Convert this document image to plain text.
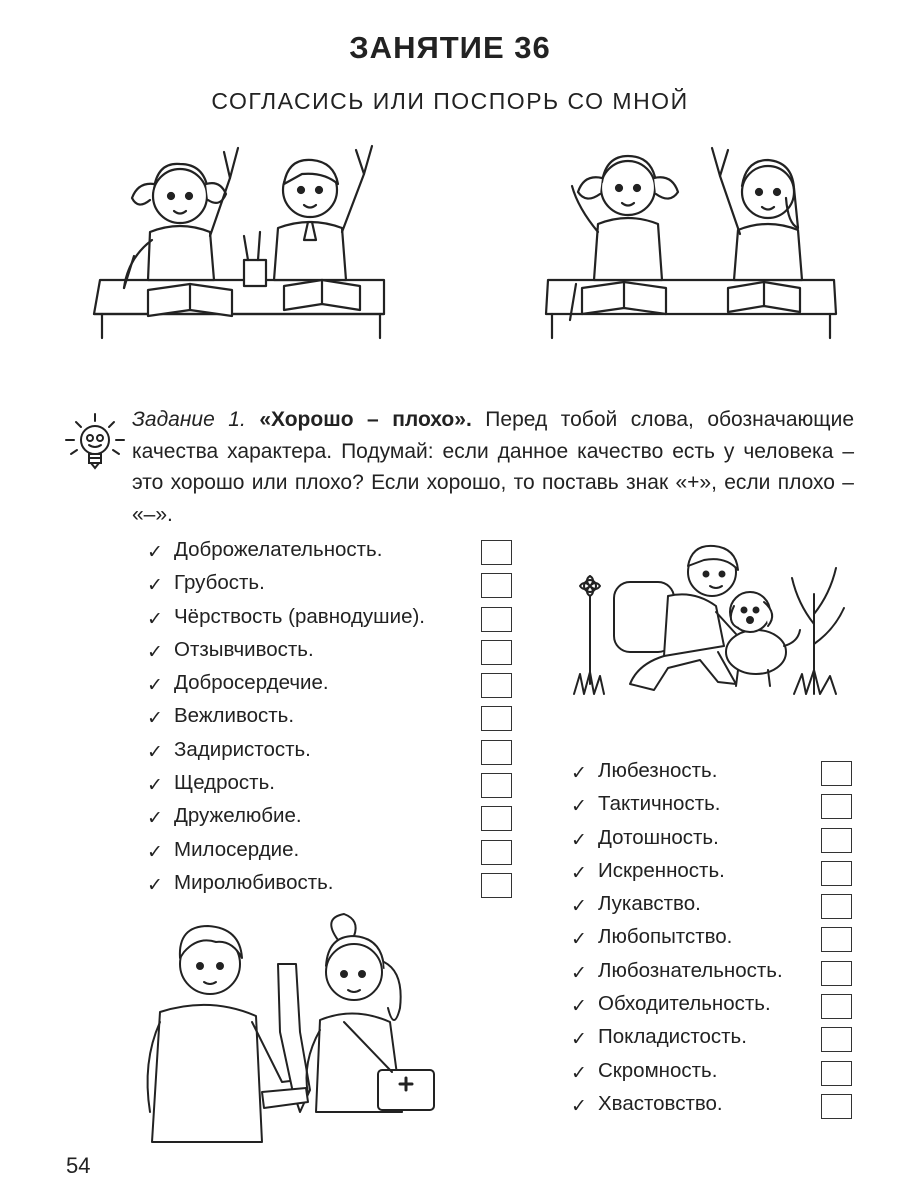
ЗАНЯТИЕ 36
СОГЛАСИСЬ ИЛИ ПОСПОРЬ СО МНОЙ
Задание 1. «Хорошо – плохо». Перед тобой слова, обозначающие качества характера. Подумай: если данное качество есть у человека – это хорошо или плохо? Если хорошо, то поставь знак «+», если плохо – «–».
✓ Доброжелательность.
✓ Грубость.
✓ Чёрствость (равнодушие).
✓ Отзывчивость.
✓ Добросердечие.
✓ Вежливость.
✓ Задиристость.
✓ Щедрость.
✓ Дружелюбие.
✓ Милосердие.
✓ Миролюбивость.
✓ Любезность.
✓ Тактичность.
✓ Дотошность.
✓ Искренность.
✓ Лукавство.
✓ Любопытство.
✓ Любознательность.
✓ Обходительность.
✓ Покладистость.
✓ Скромность.
✓ Хвастовство.
54
